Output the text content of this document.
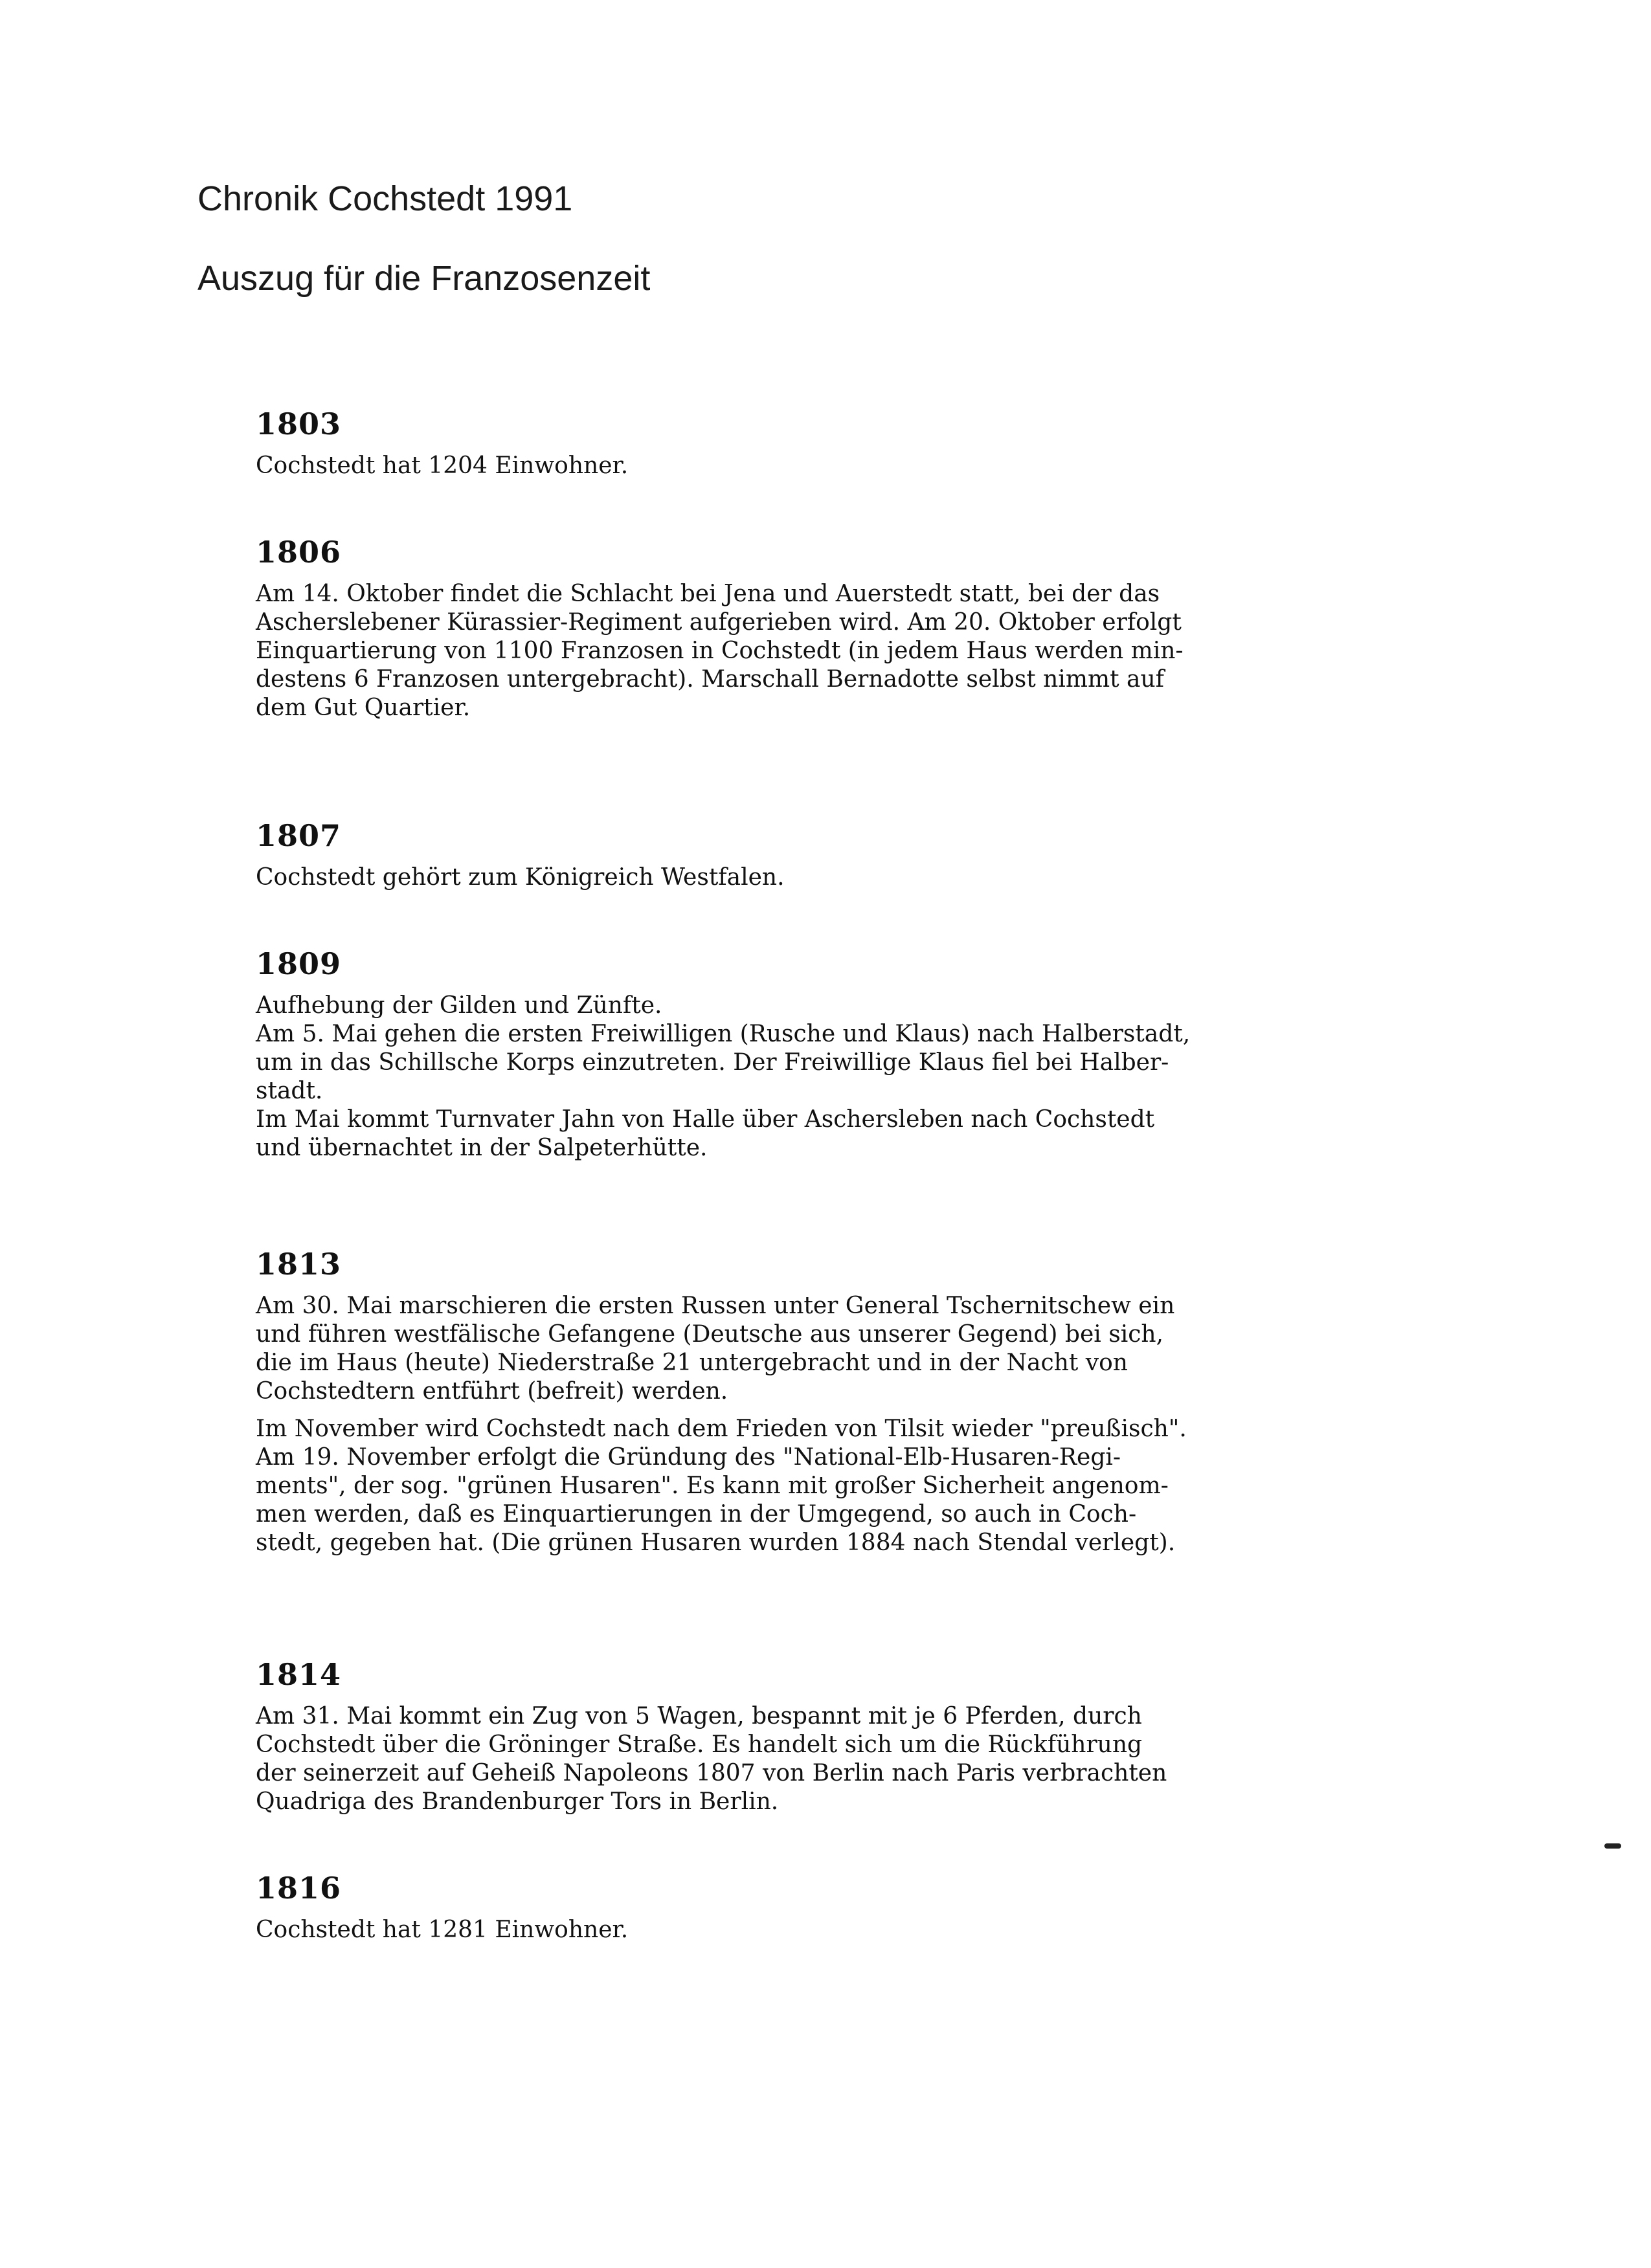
Chronik Cochstedt 1991

Auszug für die Franzosenzeit

1803

Cochstedt hat 1204 Einwohner.

1806

Am 14. Oktober findet die Schlacht bei Jena und Auerstedt statt, bei der das
Ascherslebener Kürassier-Regiment aufgerieben wird. Am 20. Oktober erfolgt
Einquartierung von 1100 Franzosen in Cochstedt (in jedem Haus werden min-
destens 6 Franzosen untergebracht). Marschall Bernadotte selbst nimmt auf
dem Gut Quartier.

1807

Cochstedt gehört zum Königreich Westfalen.

1809

Aufhebung der Gilden und Zünfte.
Am 5. Mai gehen die ersten Freiwilligen (Rusche und Klaus) nach Halberstadt,
um in das Schillsche Korps einzutreten. Der Freiwillige Klaus fiel bei Halber-
stadt.
Im Mai kommt Turnvater Jahn von Halle über Aschersleben nach Cochstedt
und übernachtet in der Salpeterhütte.

1813

Am 30. Mai marschieren die ersten Russen unter General Tschernitschew ein
und führen westfälische Gefangene (Deutsche aus unserer Gegend) bei sich,
die im Haus (heute) Niederstraße 21 untergebracht und in der Nacht von
Cochstedtern entführt (befreit) werden.

Im November wird Cochstedt nach dem Frieden von Tilsit wieder "preußisch".
Am 19. November erfolgt die Gründung des "National-Elb-Husaren-Regi-
ments", der sog. "grünen Husaren". Es kann mit großer Sicherheit angenom-
men werden, daß es Einquartierungen in der Umgegend, so auch in Coch-
stedt, gegeben hat. (Die grünen Husaren wurden 1884 nach Stendal verlegt).

1814

Am 31. Mai kommt ein Zug von 5 Wagen, bespannt mit je 6 Pferden, durch
Cochstedt über die Gröninger Straße. Es handelt sich um die Rückführung
der seinerzeit auf Geheiß Napoleons 1807 von Berlin nach Paris verbrachten
Quadriga des Brandenburger Tors in Berlin.

1816

Cochstedt hat 1281 Einwohner.
